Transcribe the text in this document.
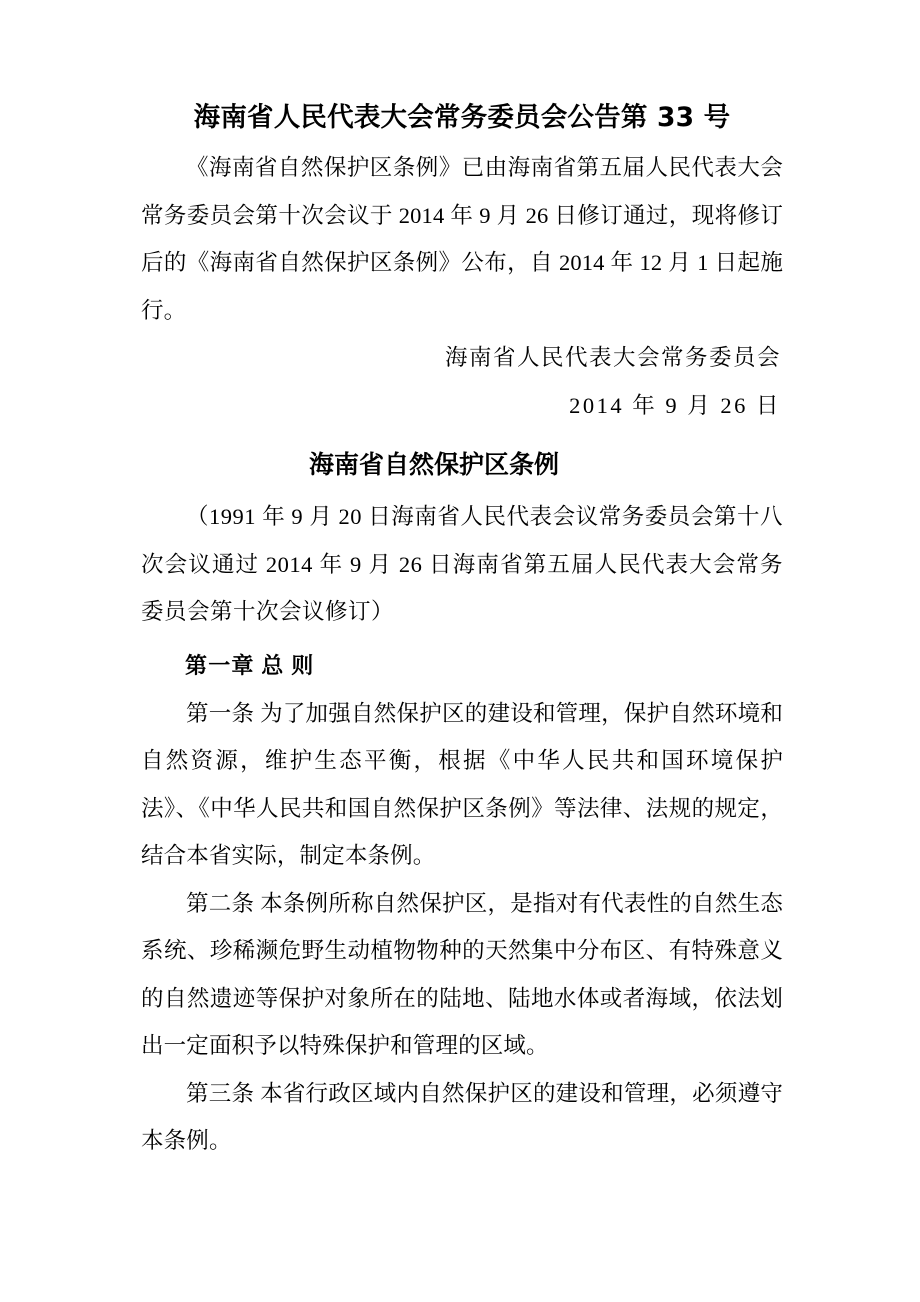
海南省人民代表大会常务委员会公告第 33 号

《海南省自然保护区条例》已由海南省第五届人民代表大会常务委员会第十次会议于 2014 年 9 月 26 日修订通过，现将修订后的《海南省自然保护区条例》公布，自 2014 年 12 月 1 日起施行。

海南省人民代表大会常务委员会

2014 年 9 月 26 日

海南省自然保护区条例

（1991 年 9 月 20 日海南省人民代表会议常务委员会第十八次会议通过 2014 年 9 月 26 日海南省第五届人民代表大会常务委员会第十次会议修订）

第一章 总 则

第一条 为了加强自然保护区的建设和管理，保护自然环境和自然资源，维护生态平衡，根据《中华人民共和国环境保护法》、《中华人民共和国自然保护区条例》等法律、法规的规定，结合本省实际，制定本条例。

第二条 本条例所称自然保护区，是指对有代表性的自然生态系统、珍稀濒危野生动植物物种的天然集中分布区、有特殊意义的自然遗迹等保护对象所在的陆地、陆地水体或者海域，依法划出一定面积予以特殊保护和管理的区域。

第三条 本省行政区域内自然保护区的建设和管理，必须遵守本条例。
